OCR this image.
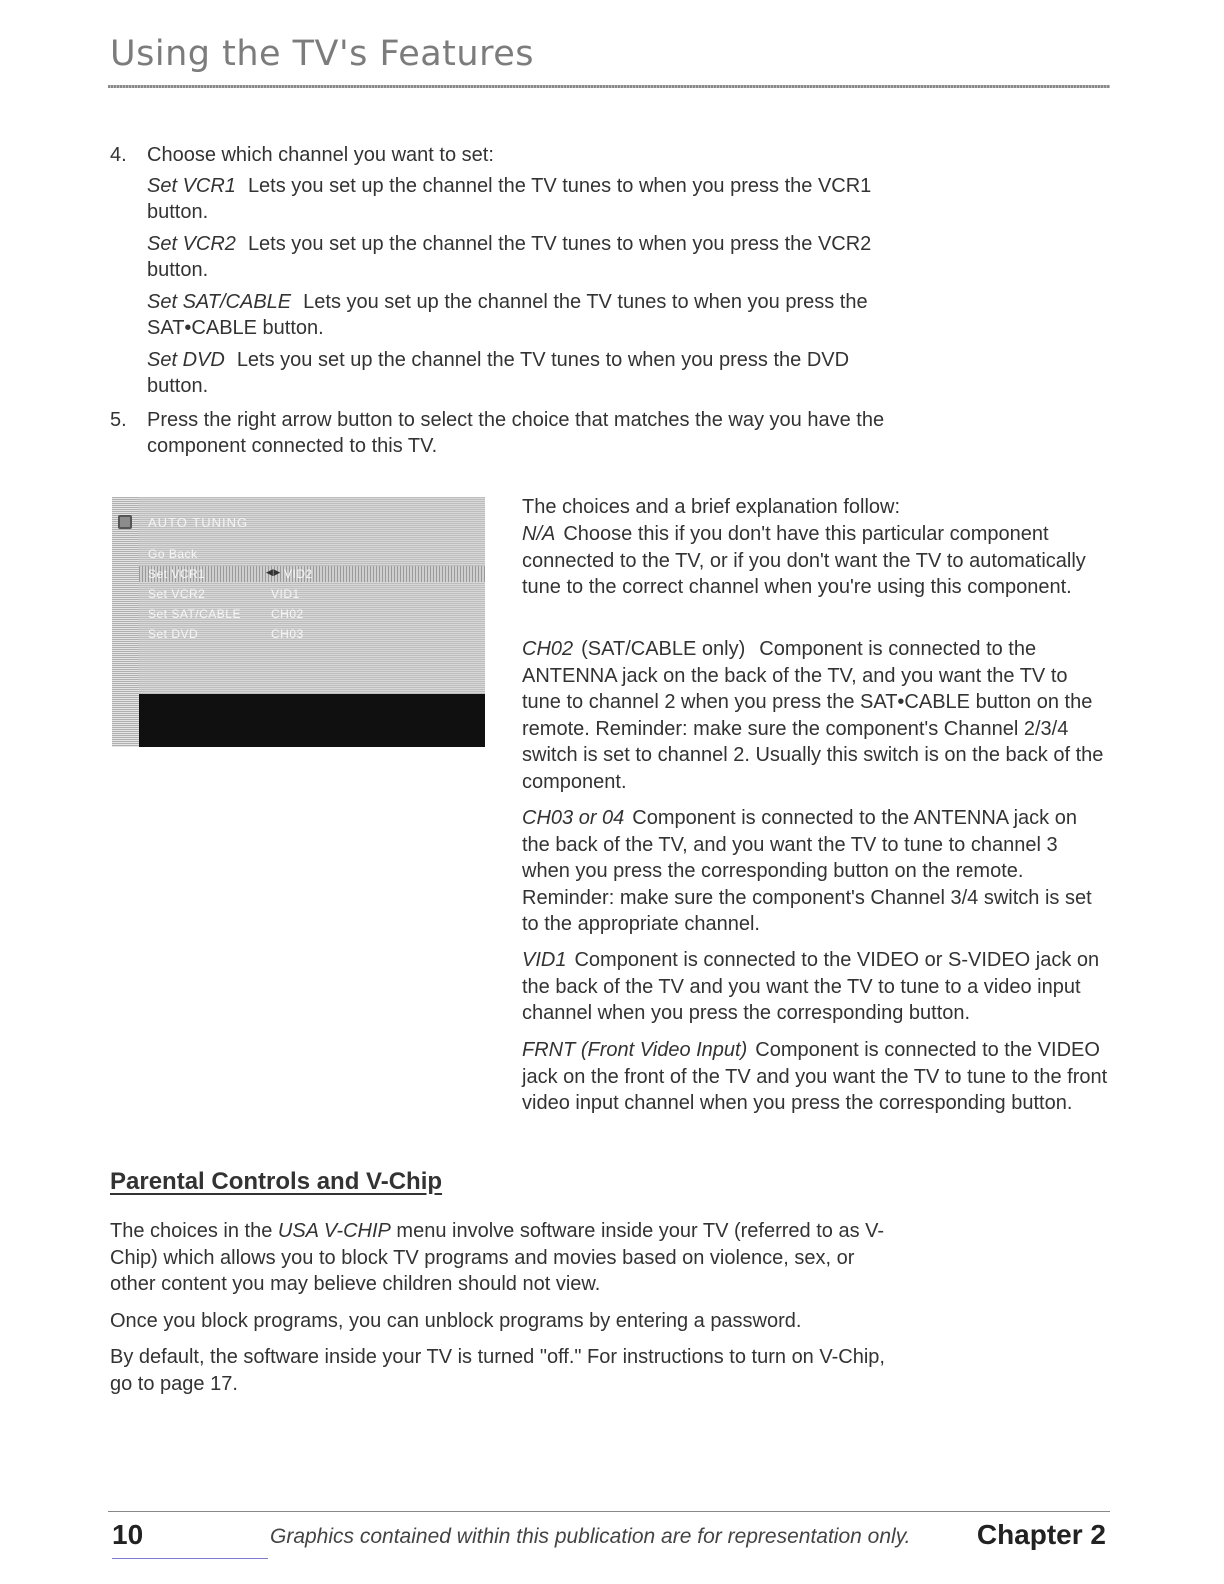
Using the TV's Features
4. Choose which channel you want to set:
Set VCR1 Lets you set up the channel the TV tunes to when you press the VCR1 button.
Set VCR2 Lets you set up the channel the TV tunes to when you press the VCR2 button.
Set SAT/CABLE Lets you set up the channel the TV tunes to when you press the SAT•CABLE button.
Set DVD Lets you set up the channel the TV tunes to when you press the DVD button.
5. Press the right arrow button to select the choice that matches the way you have the component connected to this TV.
AUTO TUNING
Go Back
Set VCR1	◀▶ VID2
Set VCR2	VID1
Set SAT/CABLE	CH02
Set DVD	CH03
The choices and a brief explanation follow:
N/A Choose this if you don't have this particular component connected to the TV, or if you don't want the TV to automatically tune to the correct channel when you're using this component.
CH02 (SAT/CABLE only) Component is connected to the ANTENNA jack on the back of the TV, and you want the TV to tune to channel 2 when you press the SAT•CABLE button on the remote. Reminder: make sure the component's Channel 2/3/4 switch is set to channel 2. Usually this switch is on the back of the component.
CH03 or 04 Component is connected to the ANTENNA jack on the back of the TV, and you want the TV to tune to channel 3 when you press the corresponding button on the remote. Reminder: make sure the component's Channel 3/4 switch is set to the appropriate channel.
VID1 Component is connected to the VIDEO or S-VIDEO jack on the back of the TV and you want the TV to tune to a video input channel when you press the corresponding button.
FRNT (Front Video Input) Component is connected to the VIDEO jack on the front of the TV and you want the TV to tune to the front video input channel when you press the corresponding button.
Parental Controls and V-Chip
The choices in the USA V-CHIP menu involve software inside your TV (referred to as V-Chip) which allows you to block TV programs and movies based on violence, sex, or other content you may believe children should not view.
Once you block programs, you can unblock programs by entering a password.
By default, the software inside your TV is turned "off." For instructions to turn on V-Chip, go to page 17.
10	Graphics contained within this publication are for representation only. Chapter 2
